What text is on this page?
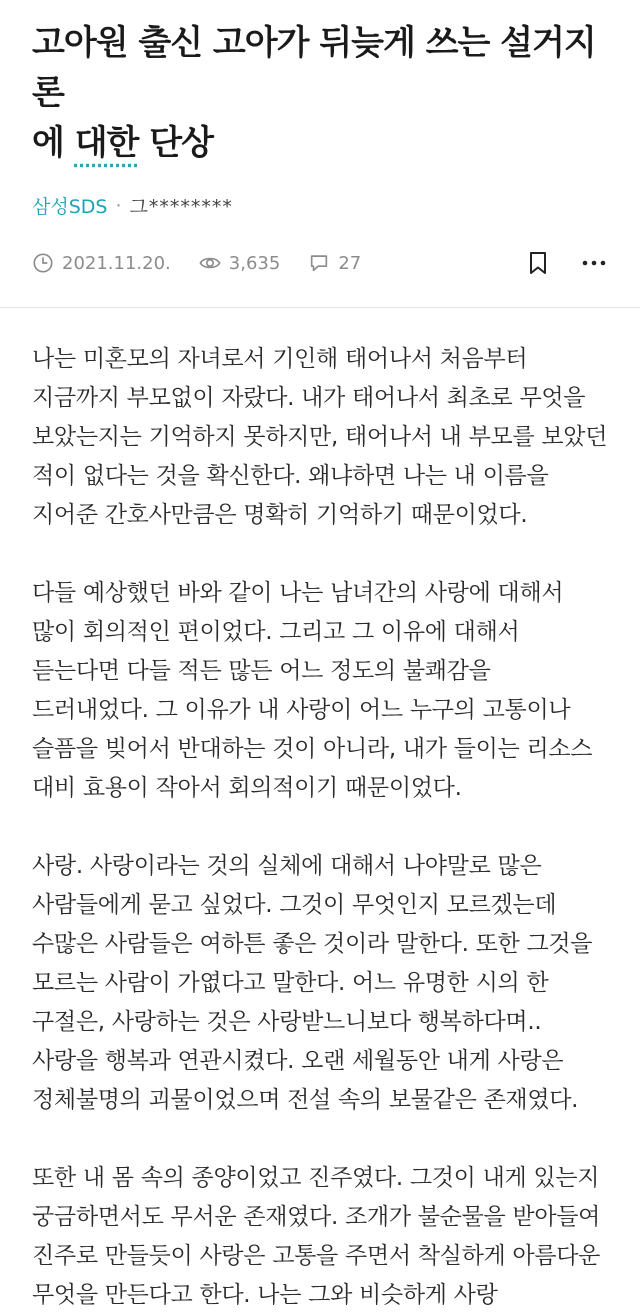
고아원 출신 고아가 뒤늦게 쓰는 설거지론
에 대한 단상
삼성SDS · 그********
2021.11.20.	3,635	27

나는 미혼모의 자녀로서 기인해 태어나서 처음부터 지금까지 부모없이 자랐다. 내가 태어나서 최초로 무엇을 보았는지는 기억하지 못하지만, 태어나서 내 부모를 보았던 적이 없다는 것을 확신한다. 왜냐하면 나는 내 이름을 지어준 간호사만큼은 명확히 기억하기 때문이었다.

다들 예상했던 바와 같이 나는 남녀간의 사랑에 대해서 많이 회의적인 편이었다. 그리고 그 이유에 대해서 듣는다면 다들 적든 많든 어느 정도의 불쾌감을 드러내었다. 그 이유가 내 사랑이 어느 누구의 고통이나 슬픔을 빚어서 반대하는 것이 아니라, 내가 들이는 리소스 대비 효용이 작아서 회의적이기 때문이었다.

사랑. 사랑이라는 것의 실체에 대해서 나야말로 많은 사람들에게 묻고 싶었다. 그것이 무엇인지 모르겠는데 수많은 사람들은 여하튼 좋은 것이라 말한다. 또한 그것을 모르는 사람이 가엾다고 말한다. 어느 유명한 시의 한 구절은, 사랑하는 것은 사랑받느니보다 행복하다며.. 사랑을 행복과 연관시켰다. 오랜 세월동안 내게 사랑은 정체불명의 괴물이었으며 전설 속의 보물같은 존재였다.

또한 내 몸 속의 종양이었고 진주였다. 그것이 내게 있는지 궁금하면서도 무서운 존재였다. 조개가 불순물을 받아들여 진주로 만들듯이 사랑은 고통을 주면서 착실하게 아름다운 무엇을 만든다고 한다. 나는 그와 비슷하게 사랑
